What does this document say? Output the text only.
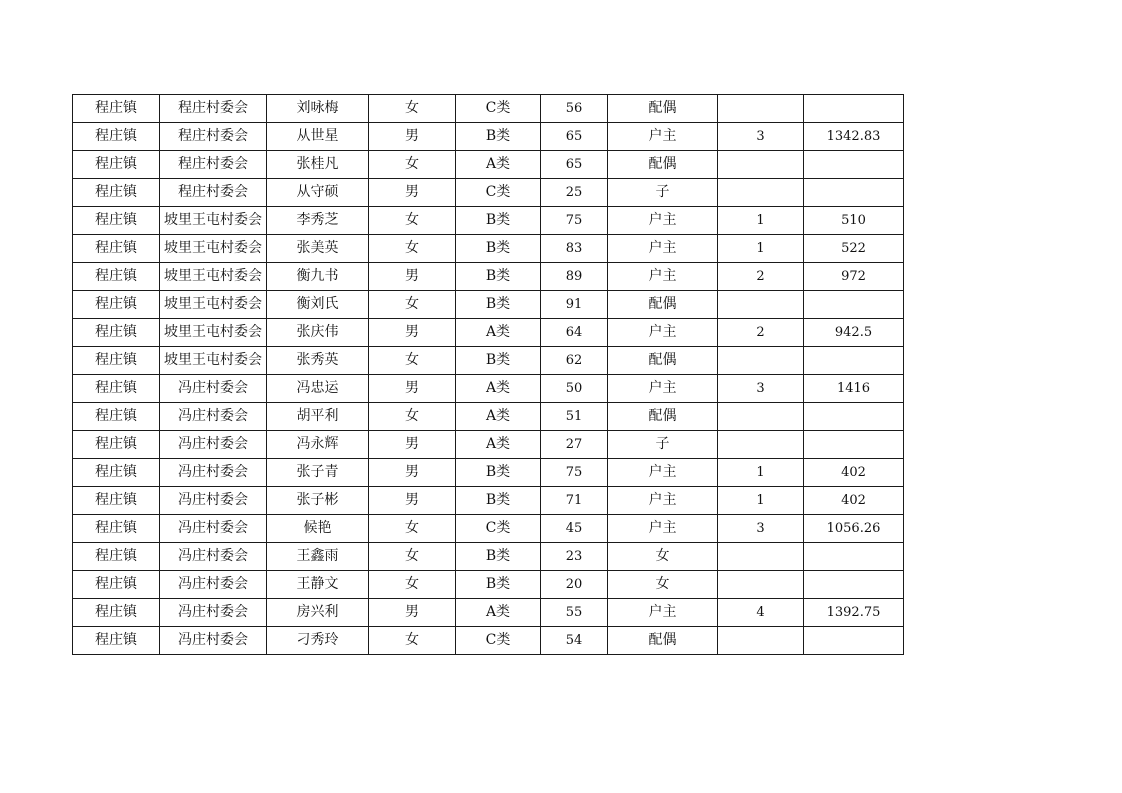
程庄镇	程庄村委会	刘咏梅	女	C类	56	配偶		
程庄镇	程庄村委会	从世星	男	B类	65	户主	3	1342.83
程庄镇	程庄村委会	张桂凡	女	A类	65	配偶		
程庄镇	程庄村委会	从守硕	男	C类	25	子		
程庄镇	坡里王屯村委会	李秀芝	女	B类	75	户主	1	510
程庄镇	坡里王屯村委会	张美英	女	B类	83	户主	1	522
程庄镇	坡里王屯村委会	衡九书	男	B类	89	户主	2	972
程庄镇	坡里王屯村委会	衡刘氏	女	B类	91	配偶		
程庄镇	坡里王屯村委会	张庆伟	男	A类	64	户主	2	942.5
程庄镇	坡里王屯村委会	张秀英	女	B类	62	配偶		
程庄镇	冯庄村委会	冯忠运	男	A类	50	户主	3	1416
程庄镇	冯庄村委会	胡平利	女	A类	51	配偶		
程庄镇	冯庄村委会	冯永辉	男	A类	27	子		
程庄镇	冯庄村委会	张子青	男	B类	75	户主	1	402
程庄镇	冯庄村委会	张子彬	男	B类	71	户主	1	402
程庄镇	冯庄村委会	候艳	女	C类	45	户主	3	1056.26
程庄镇	冯庄村委会	王鑫雨	女	B类	23	女		
程庄镇	冯庄村委会	王静文	女	B类	20	女		
程庄镇	冯庄村委会	房兴利	男	A类	55	户主	4	1392.75
程庄镇	冯庄村委会	刁秀玲	女	C类	54	配偶		
